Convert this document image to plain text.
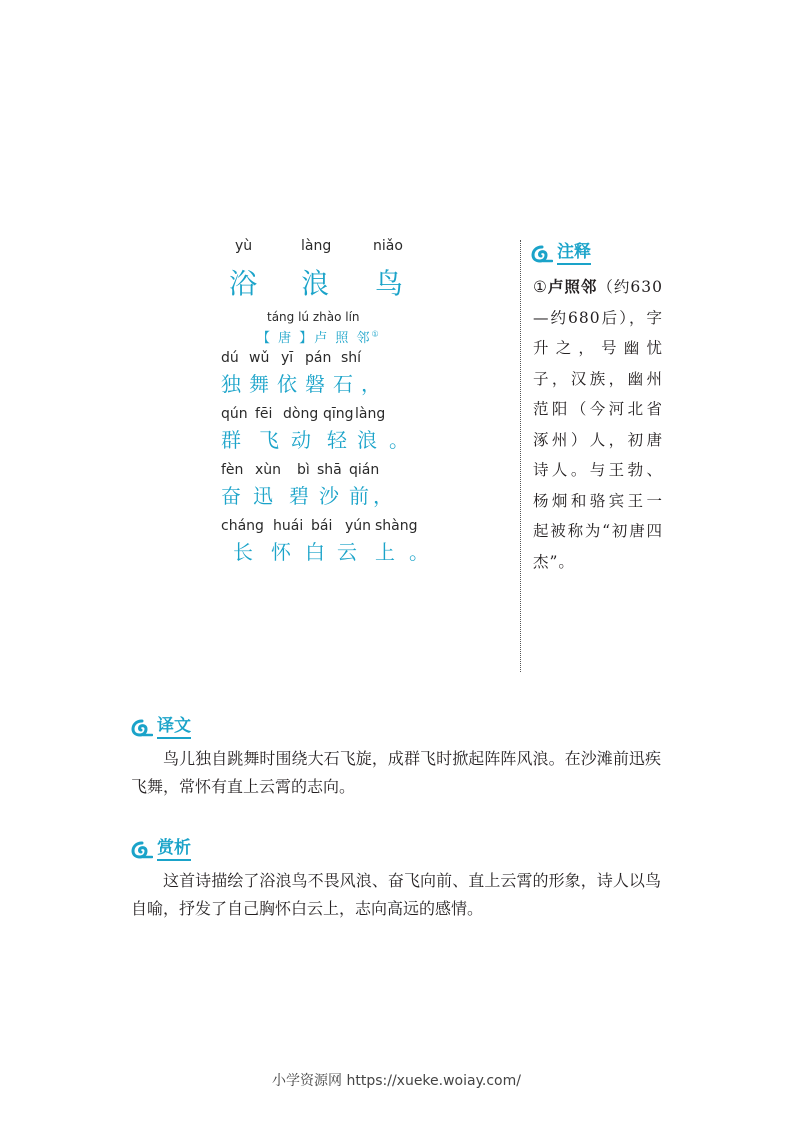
yù	làng	niǎo
浴 浪 鸟
táng lú zhào lín
【 唐 】卢 照 邻①
dú wǔ yī pán shí
独 舞 依 磐 石 ，
qún fēi dòng qīng làng
群 飞 动 轻 浪 。
fèn xùn bì shā qián
奋 迅 碧 沙 前 ，
cháng huái bái yún shàng
长 怀 白 云 上 。
注释
①卢照邻（约630—约680后），字升之，号幽忧子，汉族，幽州范阳（今河北省涿州）人，初唐诗人。与王勃、杨炯和骆宾王一起被称为“初唐四杰”。
译文
鸟儿独自跳舞时围绕大石飞旋，成群飞时掀起阵阵风浪。在沙滩前迅疾飞舞，常怀有直上云霄的志向。
赏析
这首诗描绘了浴浪鸟不畏风浪、奋飞向前、直上云霄的形象，诗人以鸟自喻，抒发了自己胸怀白云上，志向高远的感情。
小学资源网 https://xueke.woiay.com/
